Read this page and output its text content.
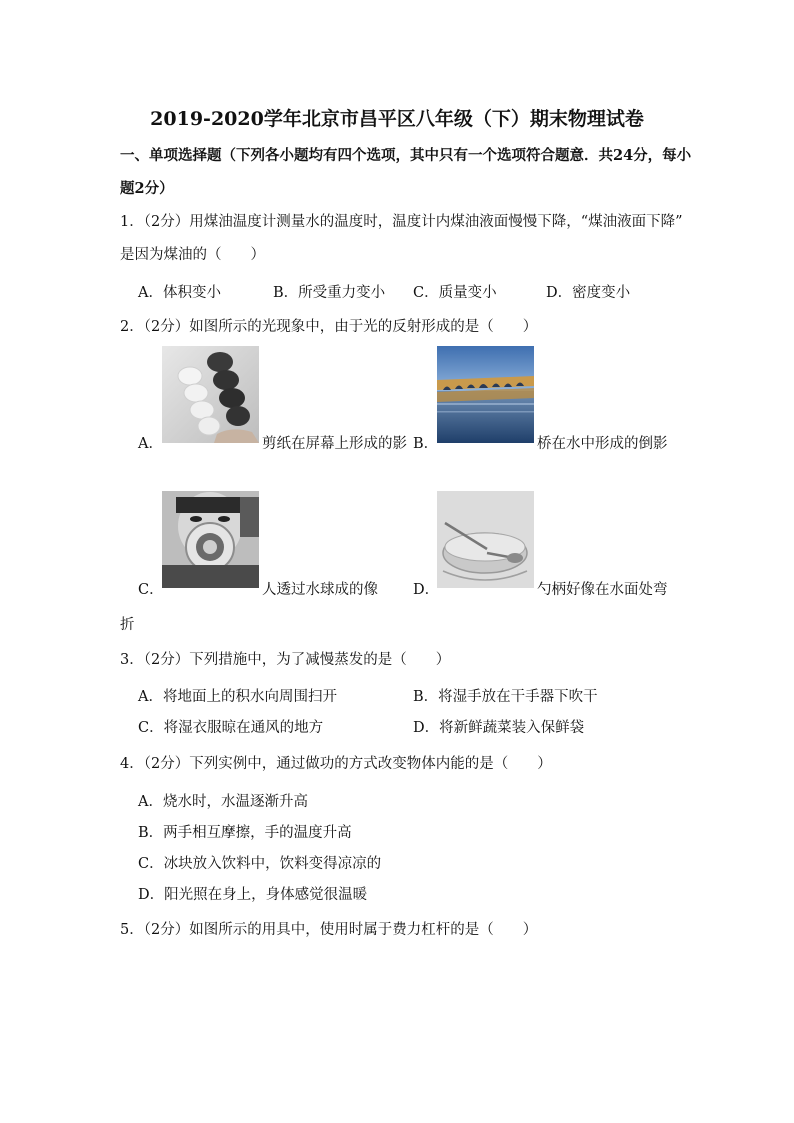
2019-2020学年北京市昌平区八年级（下）期末物理试卷
一、单项选择题（下列各小题均有四个选项，其中只有一个选项符合题意．共24分，每小
题2分）
1．（2分）用煤油温度计测量水的温度时，温度计内煤油液面慢慢下降，“煤油液面下降”
是因为煤油的（　　）
A．体积变小	B．所受重力变小 C．质量变小	D．密度变小
2．（2分）如图所示的光现象中，由于光的反射形成的是（　　）
A．	剪纸在屏幕上形成的影 B．	桥在水中形成的倒影
C．	人透过水球成的像 D．	勺柄好像在水面处弯
折
3．（2分）下列措施中，为了减慢蒸发的是（　　）
A．将地面上的积水向周围扫开	B．将湿手放在干手器下吹干
C．将湿衣服晾在通风的地方	D．将新鲜蔬菜装入保鲜袋
4．（2分）下列实例中，通过做功的方式改变物体内能的是（　　）
A．烧水时，水温逐渐升高
B．两手相互摩擦，手的温度升高
C．冰块放入饮料中，饮料变得凉凉的
D．阳光照在身上，身体感觉很温暖
5．（2分）如图所示的用具中，使用时属于费力杠杆的是（　　）
